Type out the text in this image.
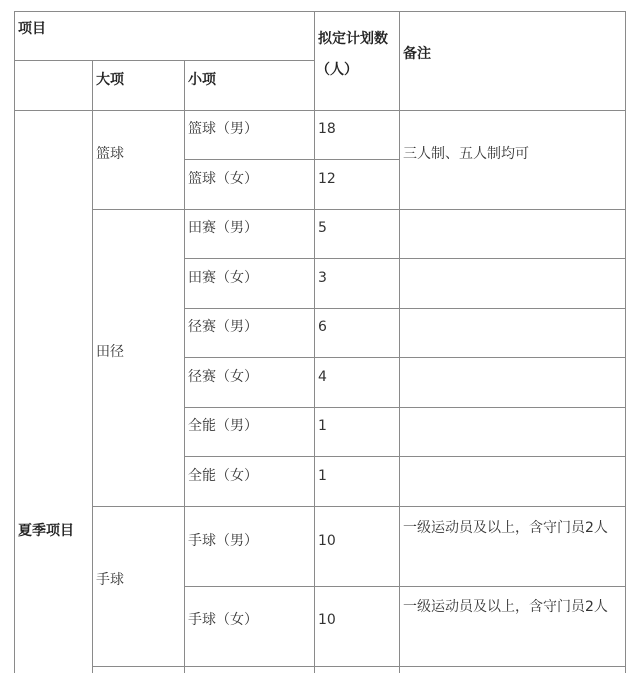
项目
拟定计划数
（人）
备注
大项	小项
夏季项目
篮球
田径
手球
三人制、五人制均可
篮球（男）
篮球（女）
田赛（男）
田赛（女）
径赛（男）
径赛（女）
全能（男）
全能（女）
手球（男）
手球（女）
18
12
5
3
6
4
1
1
10
10
一级运动员及以上，含守门员2人
一级运动员及以上，含守门员2人
